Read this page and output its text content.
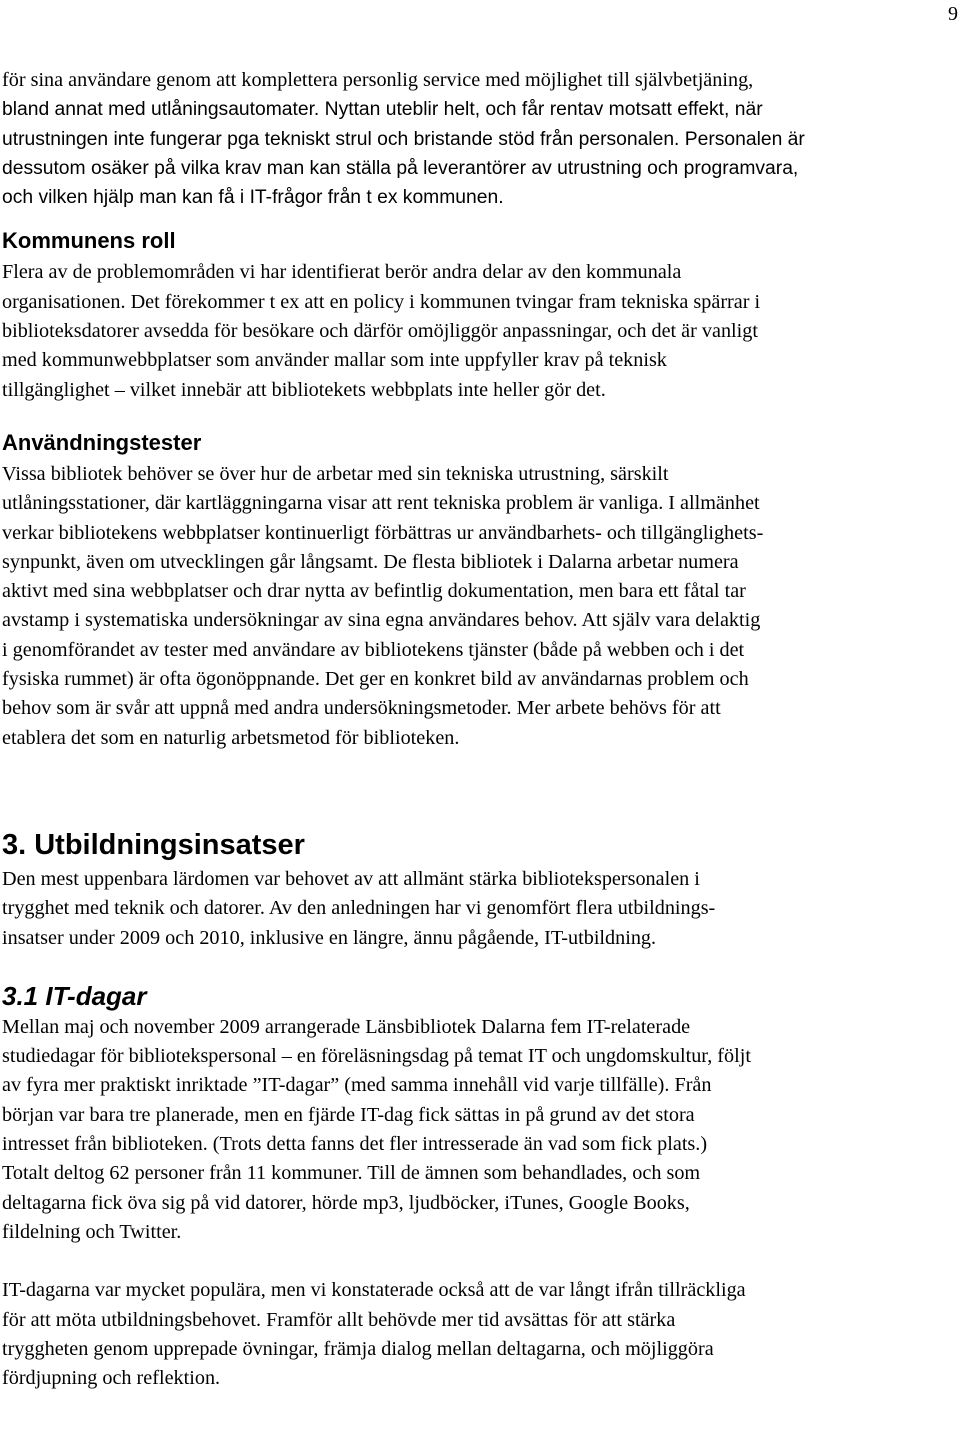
9

för sina användare genom att komplettera personlig service med möjlighet till självbetjäning,
bland annat med utlåningsautomater. Nyttan uteblir helt, och får rentav motsatt effekt, när
utrustningen inte fungerar pga tekniskt strul och bristande stöd från personalen. Personalen är
dessutom osäker på vilka krav man kan ställa på leverantörer av utrustning och programvara,
och vilken hjälp man kan få i IT-frågor från t ex kommunen.

Kommunens roll

Flera av de problemområden vi har identifierat berör andra delar av den kommunala
organisationen. Det förekommer t ex att en policy i kommunen tvingar fram tekniska spärrar i
biblioteksdatorer avsedda för besökare och därför omöjliggör anpassningar, och det är vanligt
med kommunwebbplatser som använder mallar som inte uppfyller krav på teknisk
tillgänglighet – vilket innebär att bibliotekets webbplats inte heller gör det.

Användningstester

Vissa bibliotek behöver se över hur de arbetar med sin tekniska utrustning, särskilt
utlåningsstationer, där kartläggningarna visar att rent tekniska problem är vanliga. I allmänhet
verkar bibliotekens webbplatser kontinuerligt förbättras ur användbarhets- och tillgänglighets-
synpunkt, även om utvecklingen går långsamt. De flesta bibliotek i Dalarna arbetar numera
aktivt med sina webbplatser och drar nytta av befintlig dokumentation, men bara ett fåtal tar
avstamp i systematiska undersökningar av sina egna användares behov. Att själv vara delaktig
i genomförandet av tester med användare av bibliotekens tjänster (både på webben och i det
fysiska rummet) är ofta ögonöppnande. Det ger en konkret bild av användarnas problem och
behov som är svår att uppnå med andra undersökningsmetoder. Mer arbete behövs för att
etablera det som en naturlig arbetsmetod för biblioteken.

3. Utbildningsinsatser

Den mest uppenbara lärdomen var behovet av att allmänt stärka bibliotekspersonalen i
trygghet med teknik och datorer. Av den anledningen har vi genomfört flera utbildnings-
insatser under 2009 och 2010, inklusive en längre, ännu pågående, IT-utbildning.

3.1 IT-dagar

Mellan maj och november 2009 arrangerade Länsbibliotek Dalarna fem IT-relaterade
studiedagar för bibliotekspersonal – en föreläsningsdag på temat IT och ungdomskultur, följt
av fyra mer praktiskt inriktade ”IT-dagar” (med samma innehåll vid varje tillfälle). Från
början var bara tre planerade, men en fjärde IT-dag fick sättas in på grund av det stora
intresset från biblioteken. (Trots detta fanns det fler intresserade än vad som fick plats.)
Totalt deltog 62 personer från 11 kommuner. Till de ämnen som behandlades, och som
deltagarna fick öva sig på vid datorer, hörde mp3, ljudböcker, iTunes, Google Books,
fildelning och Twitter.

IT-dagarna var mycket populära, men vi konstaterade också att de var långt ifrån tillräckliga
för att möta utbildningsbehovet. Framför allt behövde mer tid avsättas för att stärka
tryggheten genom upprepade övningar, främja dialog mellan deltagarna, och möjliggöra
fördjupning och reflektion.
